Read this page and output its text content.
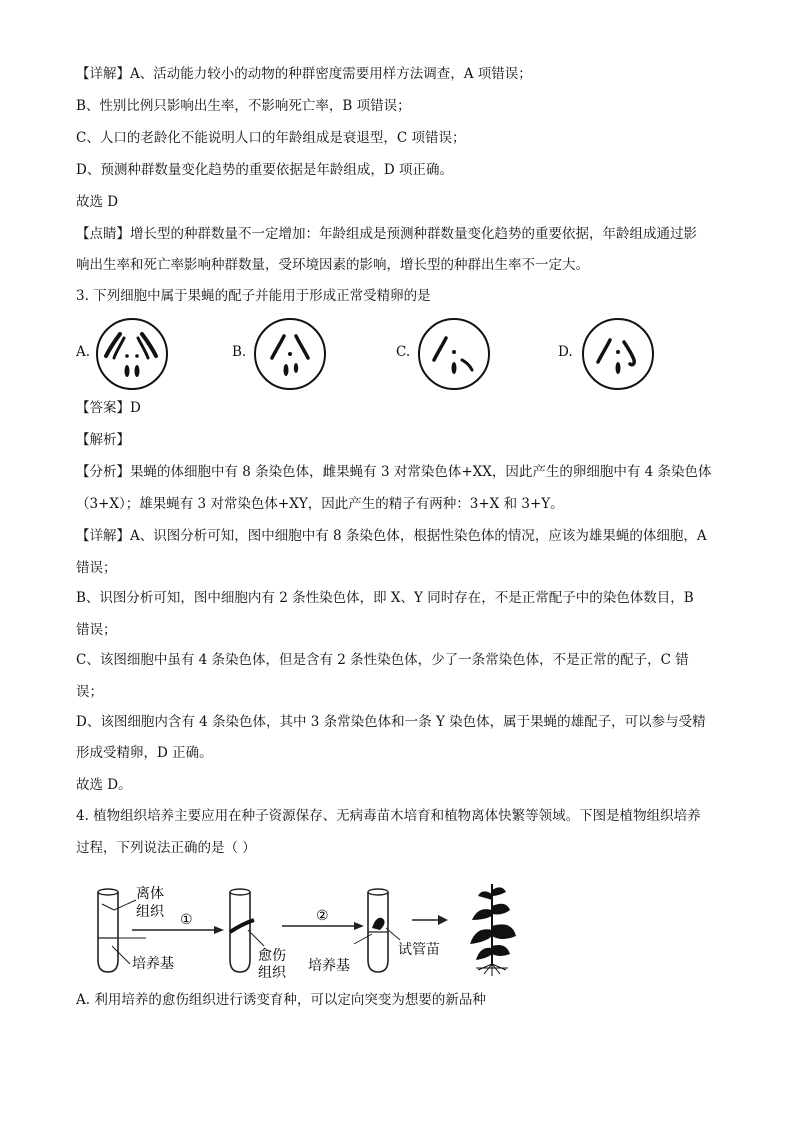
【详解】A、活动能力较小的动物的种群密度需要用样方法调查，A 项错误；
B、性别比例只影响出生率，不影响死亡率，B 项错误；
C、人口的老龄化不能说明人口的年龄组成是衰退型，C 项错误；
D、预测种群数量变化趋势的重要依据是年龄组成，D 项正确。
故选 D
【点睛】增长型的种群数量不一定增加：年龄组成是预测种群数量变化趋势的重要依据，年龄组成通过影
响出生率和死亡率影响种群数量，受环境因素的影响，增长型的种群出生率不一定大。
3. 下列细胞中属于果蝇的配子并能用于形成正常受精卵的是
A.	B.	C.	D.
【答案】D
【解析】
【分析】果蝇的体细胞中有 8 条染色体，雌果蝇有 3 对常染色体+XX，因此产生的卵细胞中有 4 条染色体
（3+X）；雄果蝇有 3 对常染色体+XY，因此产生的精子有两种：3+X 和 3+Y。
【详解】A、识图分析可知，图中细胞中有 8 条染色体，根据性染色体的情况，应该为雄果蝇的体细胞，A
错误；
B、识图分析可知，图中细胞内有 2 条性染色体，即 X、Y 同时存在，不是正常配子中的染色体数目，B
错误；
C、该图细胞中虽有 4 条染色体，但是含有 2 条性染色体，少了一条常染色体，不是正常的配子，C 错
误；
D、该图细胞内含有 4 条染色体，其中 3 条常染色体和一条 Y 染色体，属于果蝇的雄配子，可以参与受精
形成受精卵，D 正确。
故选 D。
4. 植物组织培养主要应用在种子资源保存、无病毒苗木培育和植物离体快繁等领域。下图是植物组织培养
过程，下列说法正确的是（ ）
离体
组织
培养基
①
愈伤
组织
②
培养基
试管苗
A. 利用培养的愈伤组织进行诱变育种，可以定向突变为想要的新品种
